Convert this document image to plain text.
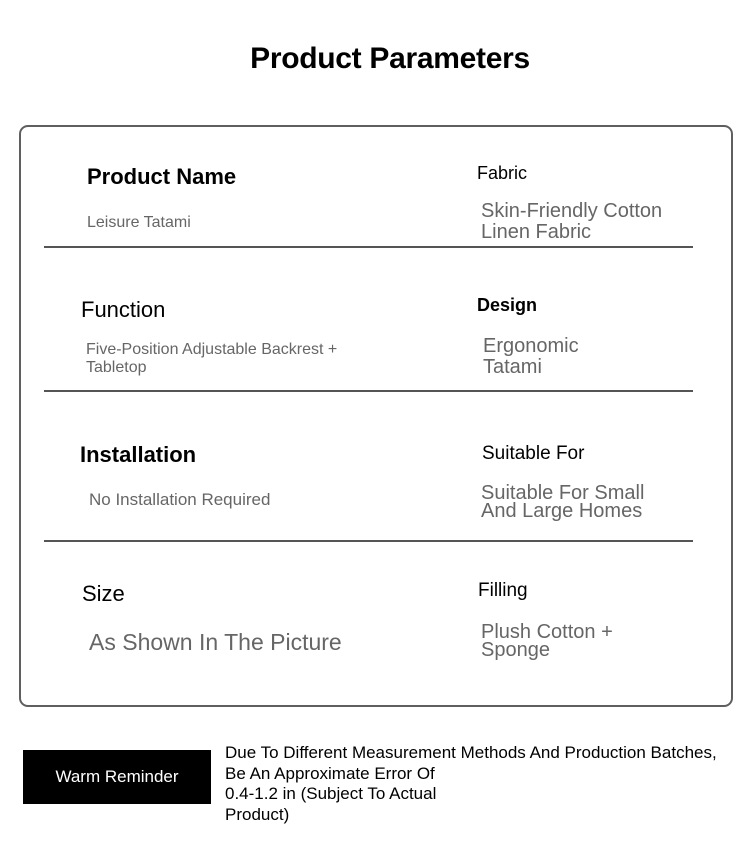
Product Parameters
Product Name
Leisure Tatami
Fabric
Skin-Friendly Cotton
Linen Fabric
Function
Five-Position Adjustable Backrest +
Tabletop
Design
Ergonomic
Tatami
Installation
No Installation Required
Suitable For
Suitable For Small
And Large Homes
Size
As Shown In The Picture
Filling
Plush Cotton +
Sponge
Warm Reminder
Due To Different Measurement Methods And Production Batches,
Be An Approximate Error Of
0.4-1.2 in (Subject To Actual
Product)
